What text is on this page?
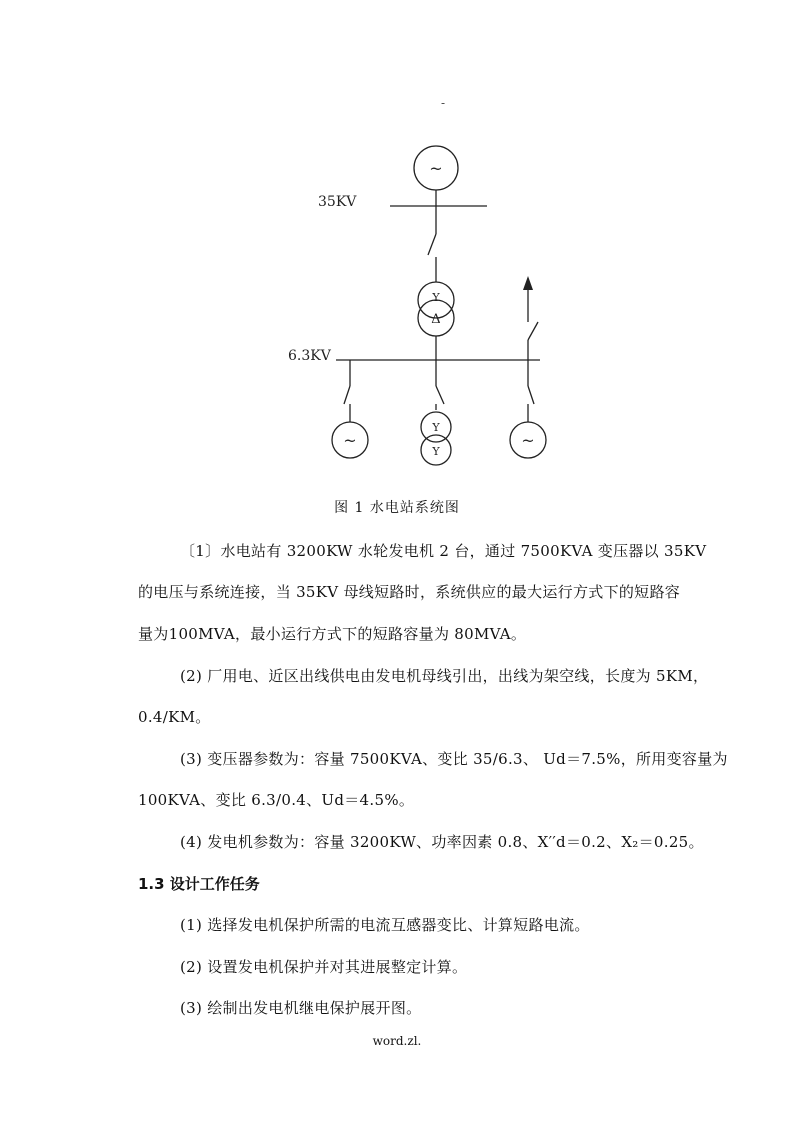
-
35KV
6.3KV
~
Y
Δ
~
Y
Y
~
图 1 水电站系统图
〔1〕水电站有 3200KW 水轮发电机 2 台，通过 7500KVA 变压器以 35KV
的电压与系统连接，当 35KV 母线短路时，系统供应的最大运行方式下的短路容
量为100MVA，最小运行方式下的短路容量为 80MVA。
(2) 厂用电、近区出线供电由发电机母线引出，出线为架空线，长度为 5KM，
0.4/KM。
(3) 变压器参数为：容量 7500KVA、变比 35/6.3、 Ud＝7.5%，所用变容量为
100KVA、变比 6.3/0.4、Ud＝4.5%。
(4) 发电机参数为：容量 3200KW、功率因素 0.8、X′′d＝0.2、X₂＝0.25。
1.3 设计工作任务
(1) 选择发电机保护所需的电流互感器变比、计算短路电流。
(2) 设置发电机保护并对其进展整定计算。
(3) 绘制出发电机继电保护展开图。
word.zl.
